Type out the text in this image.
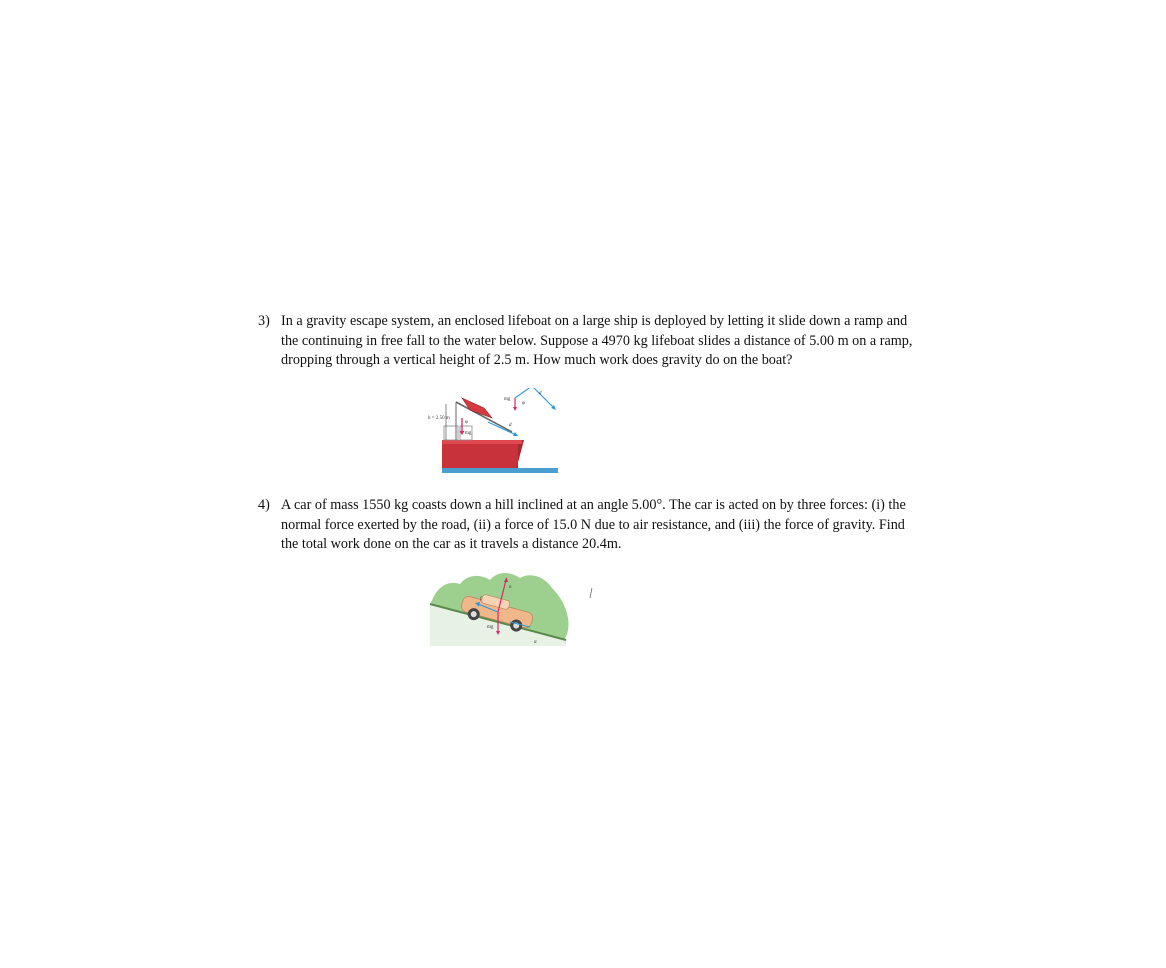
3) In a gravity escape system, an enclosed lifeboat on a large ship is deployed by letting it slide down a ramp and the continuing in free fall to the water below. Suppose a 4970 kg lifeboat slides a distance of 5.00 m on a ramp, dropping through a vertical height of 2.5 m. How much work does gravity do on the boat?
h = 2.50 m
mg
φ
mg
φ
d
d
4) A car of mass 1550 kg coasts down a hill inclined at an angle 5.00°. The car is acted on by three forces: (i) the normal force exerted by the road, (ii) a force of 15.0 N due to air resistance, and (iii) the force of gravity. Find the total work done on the car as it travels a distance 20.4m.
n
mg
f
α
